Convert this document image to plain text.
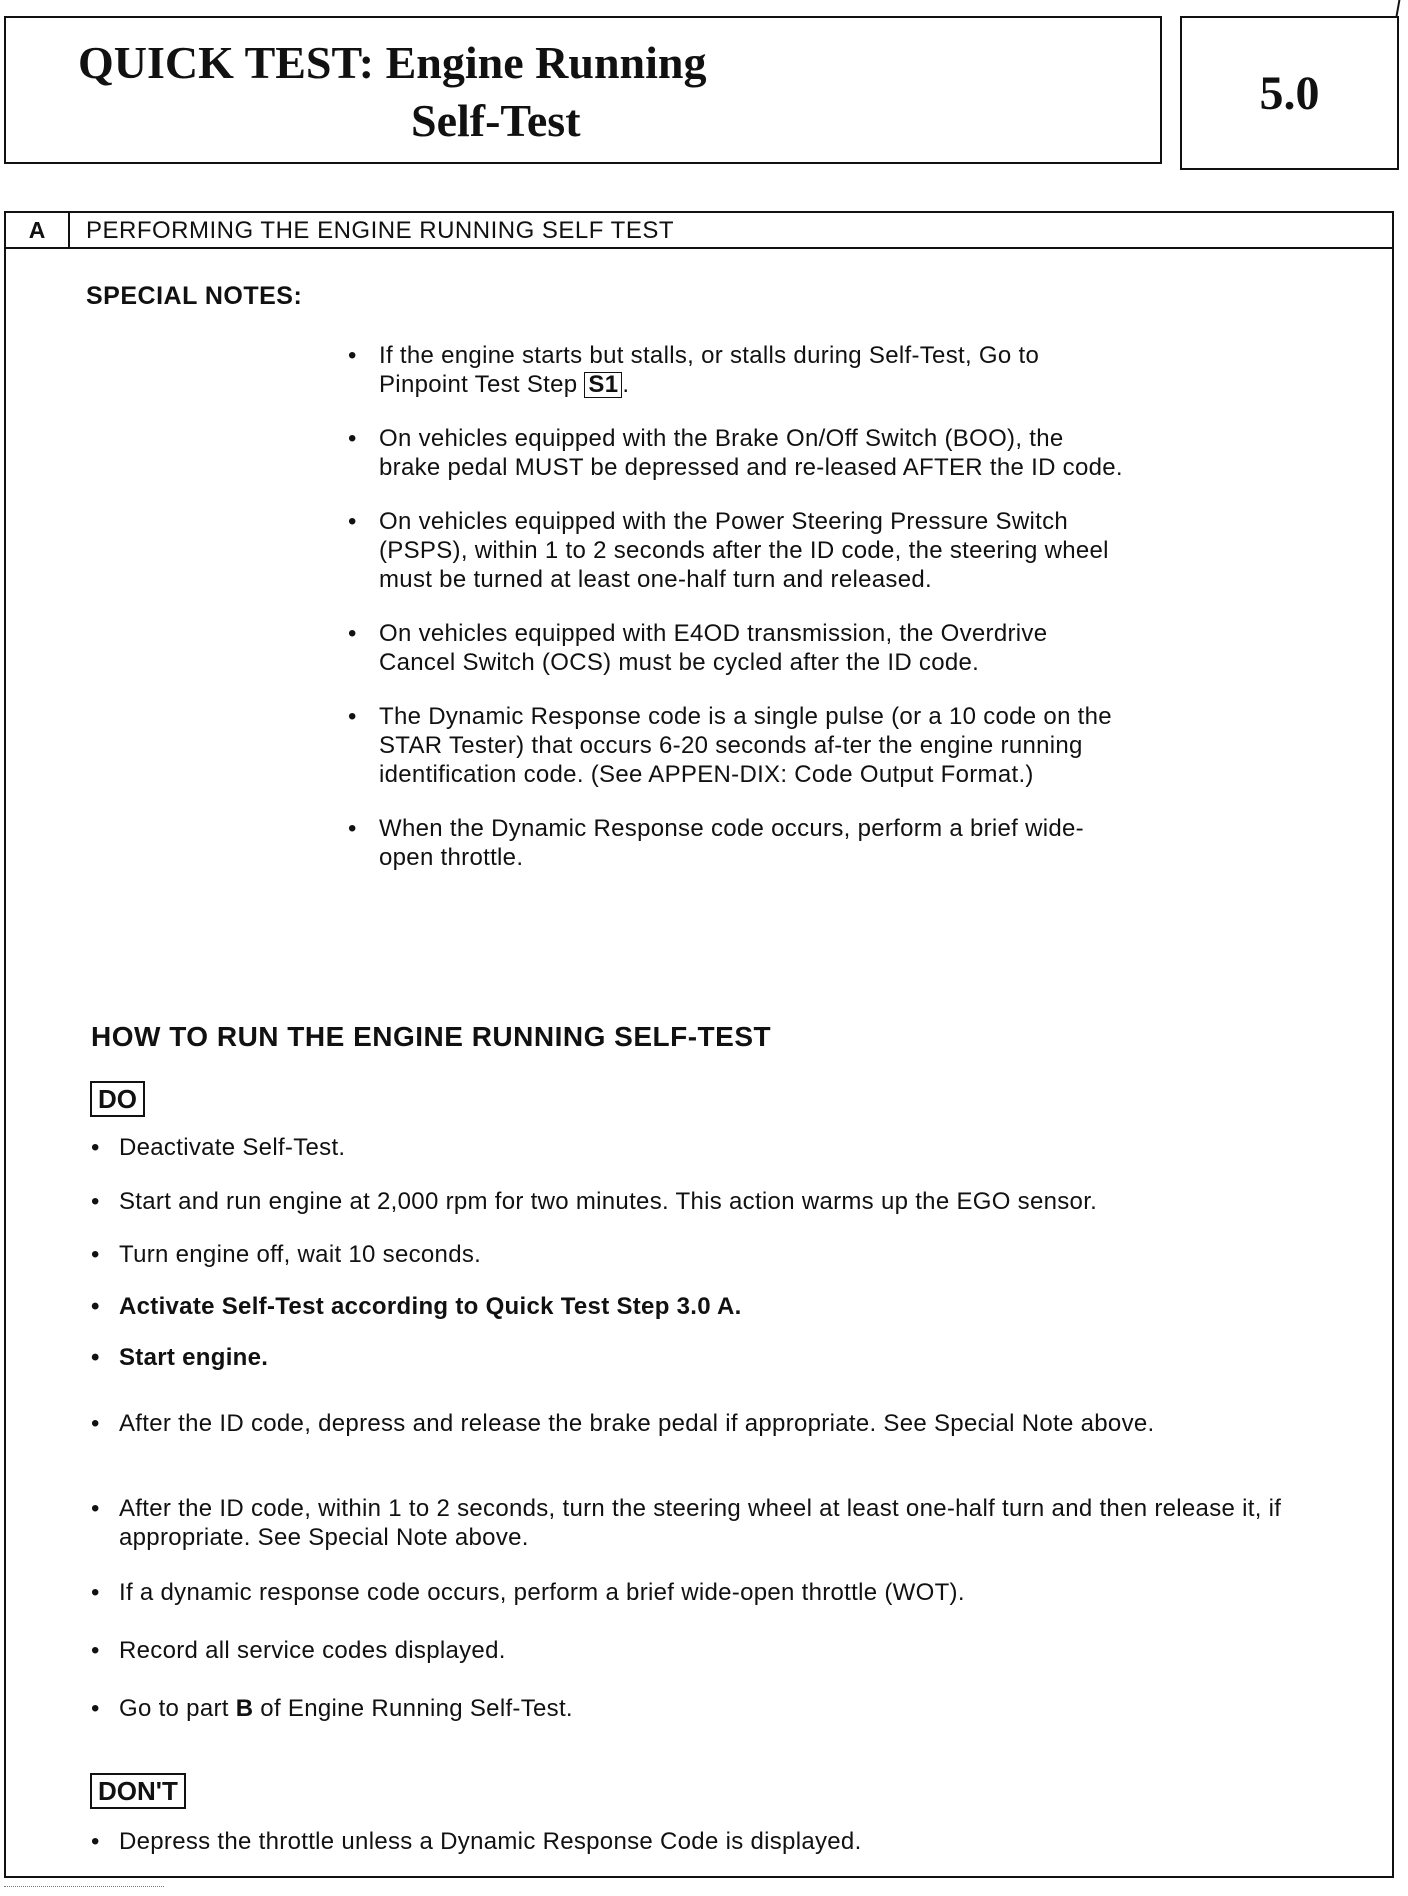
QUICK TEST: Engine Running
Self-Test
5.0
A	PERFORMING THE ENGINE RUNNING SELF TEST
SPECIAL NOTES:
• If the engine starts but stalls, or stalls during Self-Test, Go to Pinpoint Test Step S1 .
• On vehicles equipped with the Brake On/Off Switch (BOO), the brake pedal MUST be depressed and re-leased AFTER the ID code.
• On vehicles equipped with the Power Steering Pressure Switch (PSPS), within 1 to 2 seconds after the ID code, the steering wheel must be turned at least one-half turn and released.
• On vehicles equipped with E4OD transmission, the Overdrive Cancel Switch (OCS) must be cycled after the ID code.
• The Dynamic Response code is a single pulse (or a 10 code on the STAR Tester) that occurs 6-20 seconds af-ter the engine running identification code. (See APPEN-DIX: Code Output Format.)
• When the Dynamic Response code occurs, perform a brief wide-open throttle.
HOW TO RUN THE ENGINE RUNNING SELF-TEST
DO
• Deactivate Self-Test.
• Start and run engine at 2,000 rpm for two minutes. This action warms up the EGO sensor.
• Turn engine off, wait 10 seconds.
• Activate Self-Test according to Quick Test Step 3.0 A.
• Start engine.
• After the ID code, depress and release the brake pedal if appropriate. See Special Note above.
• After the ID code, within 1 to 2 seconds, turn the steering wheel at least one-half turn and then release it, if appropriate. See Special Note above.
• If a dynamic response code occurs, perform a brief wide-open throttle (WOT).
• Record all service codes displayed.
• Go to part B of Engine Running Self-Test.
DON'T
• Depress the throttle unless a Dynamic Response Code is displayed.
